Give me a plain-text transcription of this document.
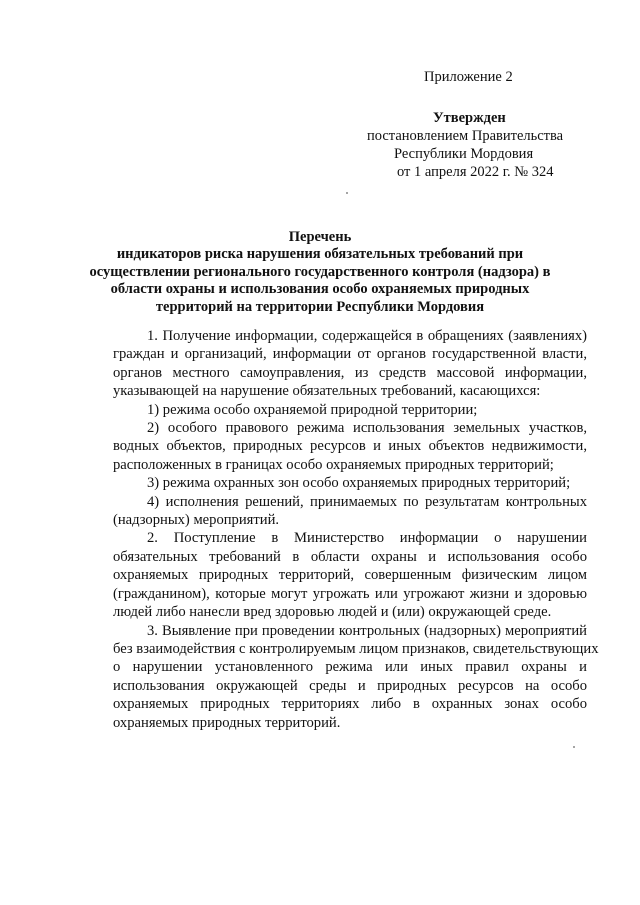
Приложение 2
Утвержден
постановлением Правительства
Республики Мордовия
от 1 апреля 2022 г. № 324
Перечень
индикаторов риска нарушения обязательных требований при
осуществлении регионального государственного контроля (надзора) в
области охраны и использования особо охраняемых природных
территорий на территории Республики Мордовия
1. Получение информации, содержащейся в обращениях (заявлениях)
граждан и организаций, информации от органов государственной власти,
органов местного самоуправления, из средств массовой информации,
указывающей на нарушение обязательных требований, касающихся:
1) режима особо охраняемой природной территории;
2) особого правового режима использования земельных участков,
водных объектов, природных ресурсов и иных объектов недвижимости,
расположенных в границах особо охраняемых природных территорий;
3) режима охранных зон особо охраняемых природных территорий;
4) исполнения решений, принимаемых по результатам контрольных
(надзорных) мероприятий.
2. Поступление в Министерство информации о нарушении
обязательных требований в области охраны и использования особо
охраняемых природных территорий, совершенным физическим лицом
(гражданином), которые могут угрожать или угрожают жизни и здоровью
людей либо нанесли вред здоровью людей и (или) окружающей среде.
3. Выявление при проведении контрольных (надзорных) мероприятий
без взаимодействия с контролируемым лицом признаков, свидетельствующих
о нарушении установленного режима или иных правил охраны и
использования окружающей среды и природных ресурсов на особо
охраняемых природных территориях либо в охранных зонах особо
охраняемых природных территорий.
